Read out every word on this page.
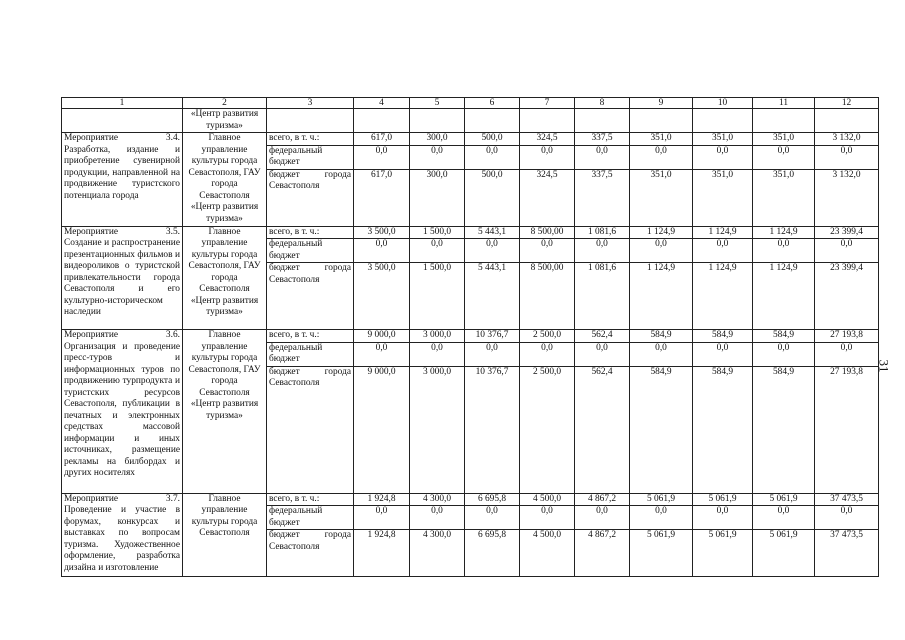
1	2	3	4	5	6	7	8	9	10	11	12
	«Центр развития туризма»										

Мероприятие 3.4.
Разработка, издание и приобретение сувенирной продукции, направленной на продвижение туристского потенциала города	Главное управление культуры города Севастополя, ГАУ города Севастополя «Центр развития туризма»	всего, в т. ч.:	617,0	300,0	500,0	324,5	337,5	351,0	351,0	351,0	3 132,0
		федеральный бюджет	0,0	0,0	0,0	0,0	0,0	0,0	0,0	0,0	0,0
		бюджет города Севастополя	617,0	300,0	500,0	324,5	337,5	351,0	351,0	351,0	3 132,0

Мероприятие 3.5.
Создание и распространение презентационных фильмов и видеороликов о туристской привлекательности города Севастополя и его культурно-историческом наследии	Главное управление культуры города Севастополя, ГАУ города Севастополя «Центр развития туризма»	всего, в т. ч.:	3 500,0	1 500,0	5 443,1	8 500,00	1 081,6	1 124,9	1 124,9	1 124,9	23 399,4
		федеральный бюджет	0,0	0,0	0,0	0,0	0,0	0,0	0,0	0,0	0,0
		бюджет города Севастополя	3 500,0	1 500,0	5 443,1	8 500,00	1 081,6	1 124,9	1 124,9	1 124,9	23 399,4

Мероприятие 3.6.
Организация и проведение пресс-туров и информационных туров по продвижению турпродукта и туристских ресурсов Севастополя, публикации в печатных и электронных средствах массовой информации и иных источниках, размещение рекламы на билбордах и других носителях	Главное управление культуры города Севастополя, ГАУ города Севастополя «Центр развития туризма»	всего, в т. ч.:	9 000,0	3 000,0	10 376,7	2 500,0	562,4	584,9	584,9	584,9	27 193,8
		федеральный бюджет	0,0	0,0	0,0	0,0	0,0	0,0	0,0	0,0	0,0
		бюджет города Севастополя	9 000,0	3 000,0	10 376,7	2 500,0	562,4	584,9	584,9	584,9	27 193,8

Мероприятие 3.7.
Проведение и участие в форумах, конкурсах и выставках по вопросам туризма. Художественное оформление, разработка дизайна и изготовление	Главное управление культуры города Севастополя	всего, в т. ч.:	1 924,8	4 300,0	6 695,8	4 500,0	4 867,2	5 061,9	5 061,9	5 061,9	37 473,5
		федеральный бюджет	0,0	0,0	0,0	0,0	0,0	0,0	0,0	0,0	0,0
		бюджет города Севастополя	1 924,8	4 300,0	6 695,8	4 500,0	4 867,2	5 061,9	5 061,9	5 061,9	37 473,5
31
